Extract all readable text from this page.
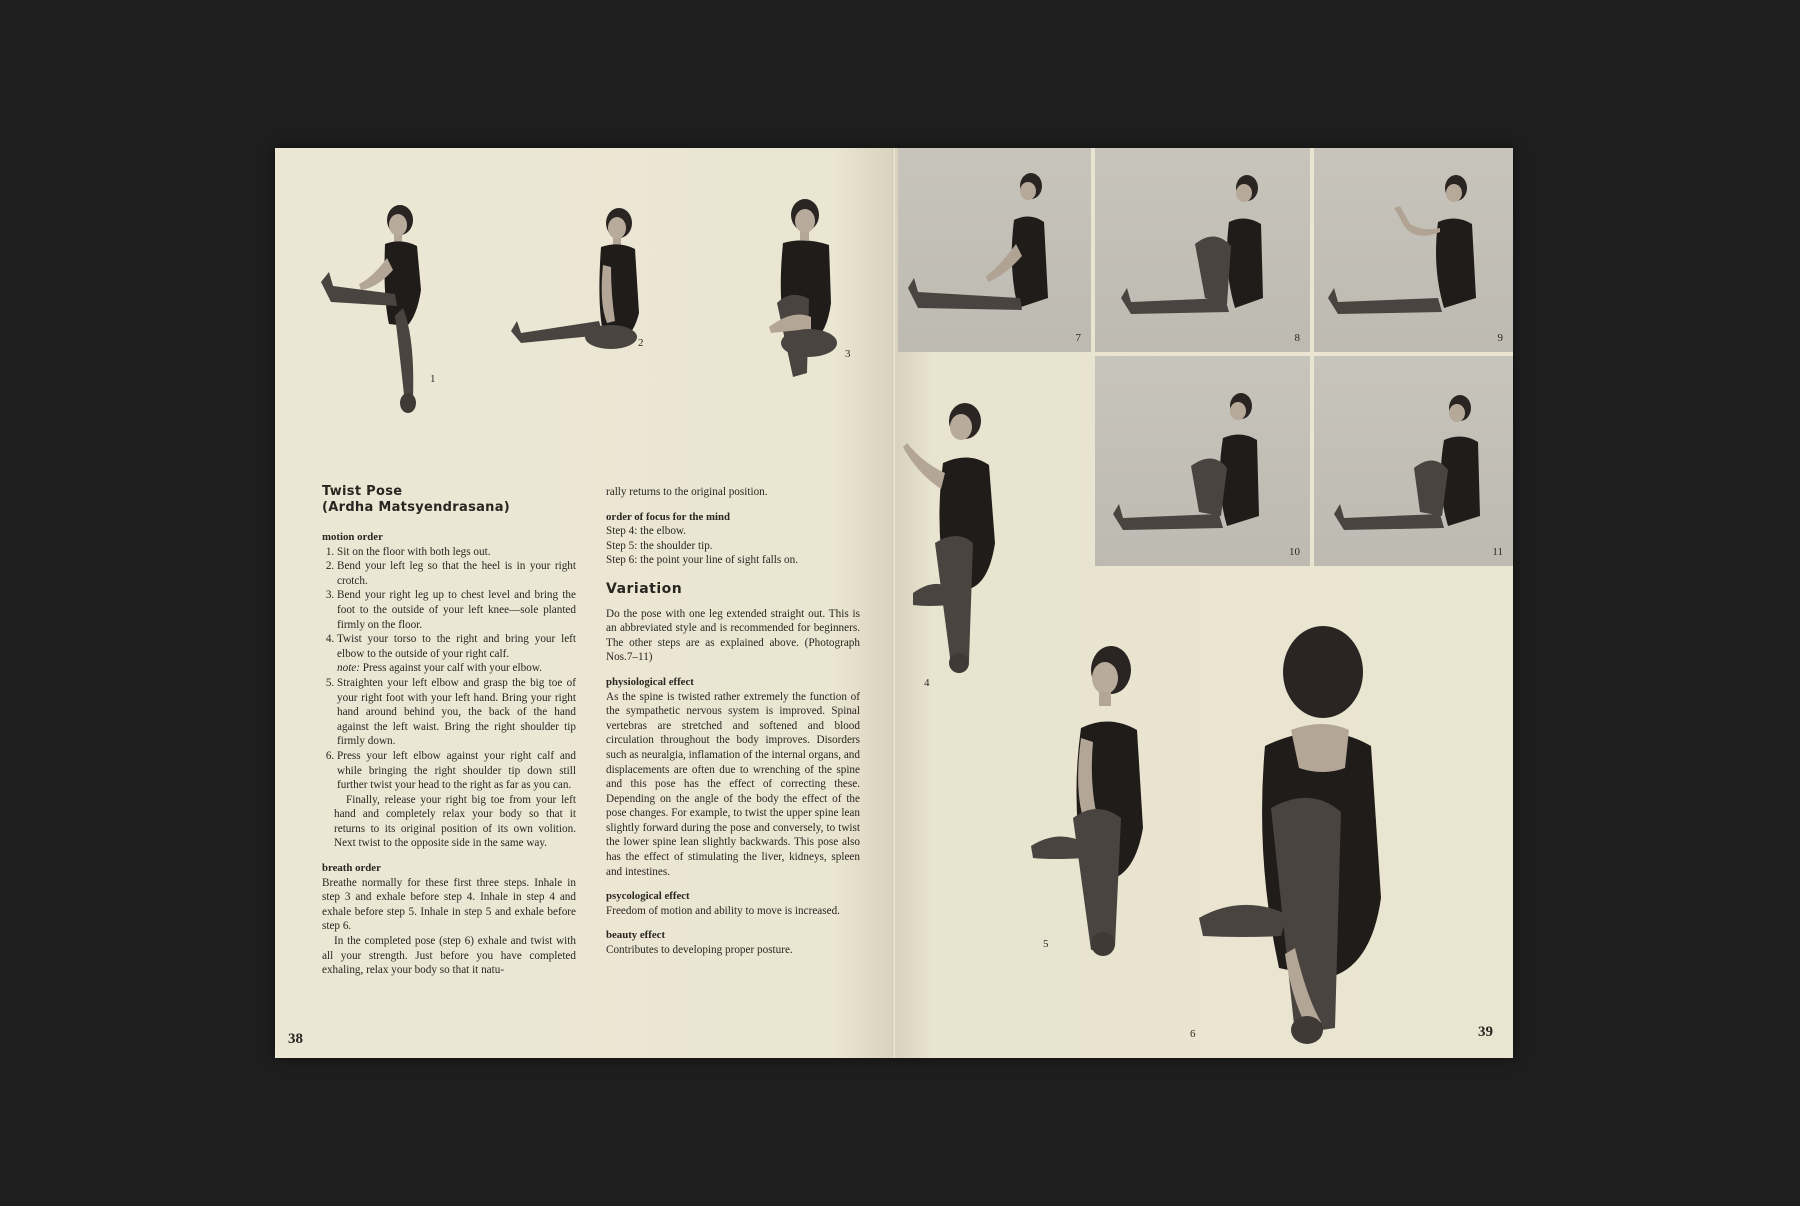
1
2
3

Twist Pose

(Ardha Matsyendrasana)

motion order
1. Sit on the floor with both legs out.
2. Bend your left leg so that the heel is in your right crotch.
3. Bend your right leg up to chest level and bring the foot to the outside of your left knee—sole planted firmly on the floor.
4. Twist your torso to the right and bring your left elbow to the outside of your right calf.
note: Press against your calf with your elbow.
5. Straighten your left elbow and grasp the big toe of your right foot with your left hand. Bring your right hand around behind you, the back of the hand against the left waist. Bring the right shoulder tip firmly down.
6. Press your left elbow against your right calf and while bringing the right shoulder tip down still further twist your head to the right as far as you can.

Finally, release your right big toe from your left hand and completely relax your body so that it returns to its original position of its own volition. Next twist to the opposite side in the same way.

breath order

Breathe normally for these first three steps. Inhale in step 3 and exhale before step 4. Inhale in step 4 and exhale before step 5. Inhale in step 5 and exhale before step 6.

In the completed pose (step 6) exhale and twist with all your strength. Just before you have completed exhaling, relax your body so that it natu-

rally returns to the original position.

order of focus for the mind
Step 4: the elbow.
Step 5: the shoulder tip.
Step 6: the point your line of sight falls on.
Variation

Do the pose with one leg extended straight out. This is an abbreviated style and is recommended for beginners. The other steps are as explained above. (Photograph Nos.7–11)

physiological effect

As the spine is twisted rather extremely the function of the sympathetic nervous system is improved. Spinal vertebras are stretched and softened and blood circulation throughout the body improves. Disorders such as neuralgia, inflamation of the internal organs, and displacements are often due to wrenching of the spine and this pose has the effect of correcting these. Depending on the angle of the body the effect of the pose changes. For example, to twist the upper spine lean slightly forward during the pose and conversely, to twist the lower spine lean slightly backwards. This pose also has the effect of stimulating the liver, kidneys, spleen and intestines.

psycological effect

Freedom of motion and ability to move is increased.

beauty effect

Contributes to developing proper posture.

38
7	8	9
10	11
4
5
6	39
